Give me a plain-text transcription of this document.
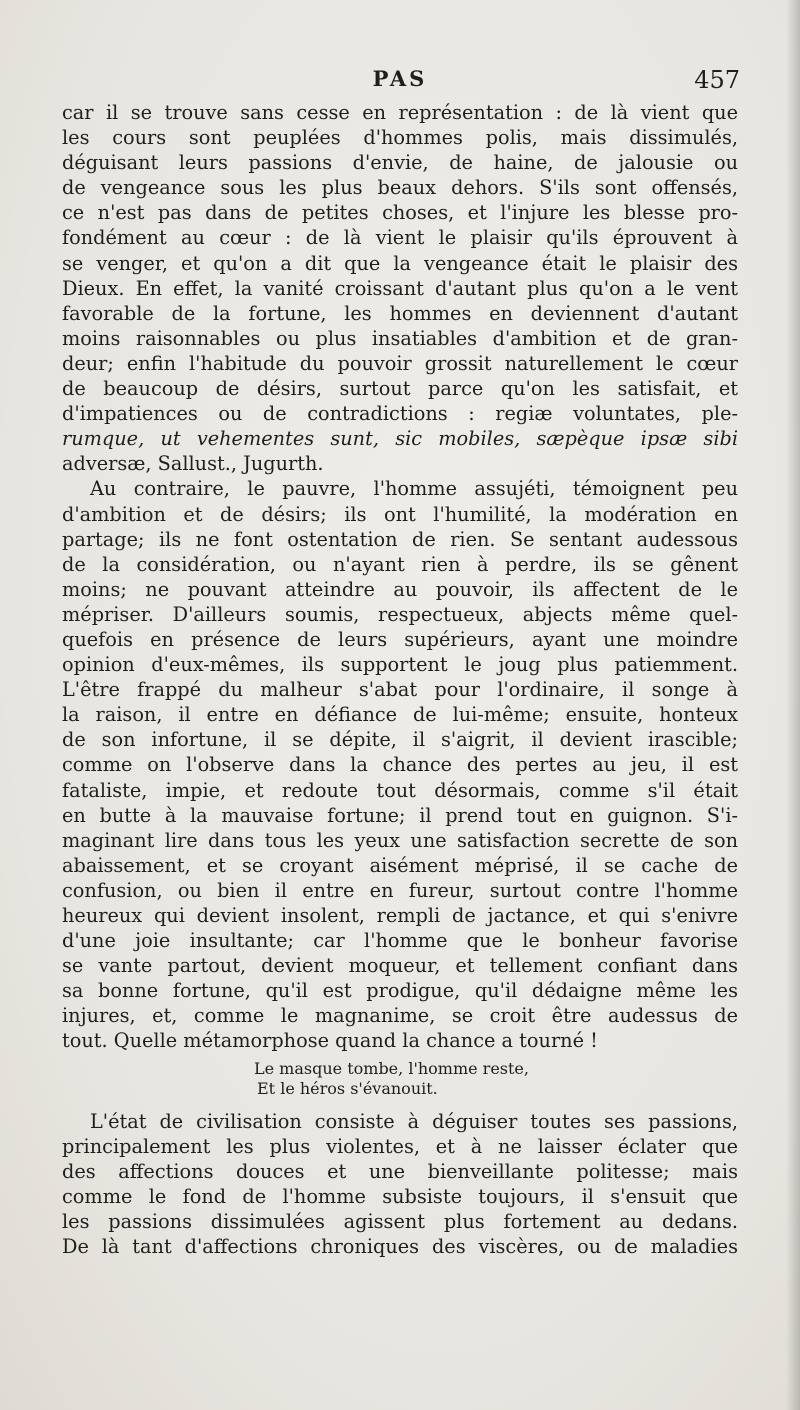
PAS	457
car il se trouve sans cesse en représentation : de là vient que
les cours sont peuplées d'hommes polis, mais dissimulés,
déguisant leurs passions d'envie, de haine, de jalousie ou
de vengeance sous les plus beaux dehors. S'ils sont offensés,
ce n'est pas dans de petites choses, et l'injure les blesse pro-
fondément au cœur : de là vient le plaisir qu'ils éprouvent à
se venger, et qu'on a dit que la vengeance était le plaisir des
Dieux. En effet, la vanité croissant d'autant plus qu'on a le vent
favorable de la fortune, les hommes en deviennent d'autant
moins raisonnables ou plus insatiables d'ambition et de gran-
deur; enfin l'habitude du pouvoir grossit naturellement le cœur
de beaucoup de désirs, surtout parce qu'on les satisfait, et
d'impatiences ou de contradictions : regiæ voluntates, ple-
rumque, ut vehementes sunt, sic mobiles, sæpèque ipsæ sibi
adversæ, Sallust., Jugurth.
Au contraire, le pauvre, l'homme assujéti, témoignent peu
d'ambition et de désirs; ils ont l'humilité, la modération en
partage; ils ne font ostentation de rien. Se sentant audessous
de la considération, ou n'ayant rien à perdre, ils se gênent
moins; ne pouvant atteindre au pouvoir, ils affectent de le
mépriser. D'ailleurs soumis, respectueux, abjects même quel-
quefois en présence de leurs supérieurs, ayant une moindre
opinion d'eux-mêmes, ils supportent le joug plus patiemment.
L'être frappé du malheur s'abat pour l'ordinaire, il songe à
la raison, il entre en défiance de lui-même; ensuite, honteux
de son infortune, il se dépite, il s'aigrit, il devient irascible;
comme on l'observe dans la chance des pertes au jeu, il est
fataliste, impie, et redoute tout désormais, comme s'il était
en butte à la mauvaise fortune; il prend tout en guignon. S'i-
maginant lire dans tous les yeux une satisfaction secrette de son
abaissement, et se croyant aisément méprisé, il se cache de
confusion, ou bien il entre en fureur, surtout contre l'homme
heureux qui devient insolent, rempli de jactance, et qui s'enivre
d'une joie insultante; car l'homme que le bonheur favorise
se vante partout, devient moqueur, et tellement confiant dans
sa bonne fortune, qu'il est prodigue, qu'il dédaigne même les
injures, et, comme le magnanime, se croit être audessus de
tout. Quelle métamorphose quand la chance a tourné !
Le masque tombe, l'homme reste,
Et le héros s'évanouit.
L'état de civilisation consiste à déguiser toutes ses passions,
principalement les plus violentes, et à ne laisser éclater que
des affections douces et une bienveillante politesse; mais
comme le fond de l'homme subsiste toujours, il s'ensuit que
les passions dissimulées agissent plus fortement au dedans.
De là tant d'affections chroniques des viscères, ou de maladies
